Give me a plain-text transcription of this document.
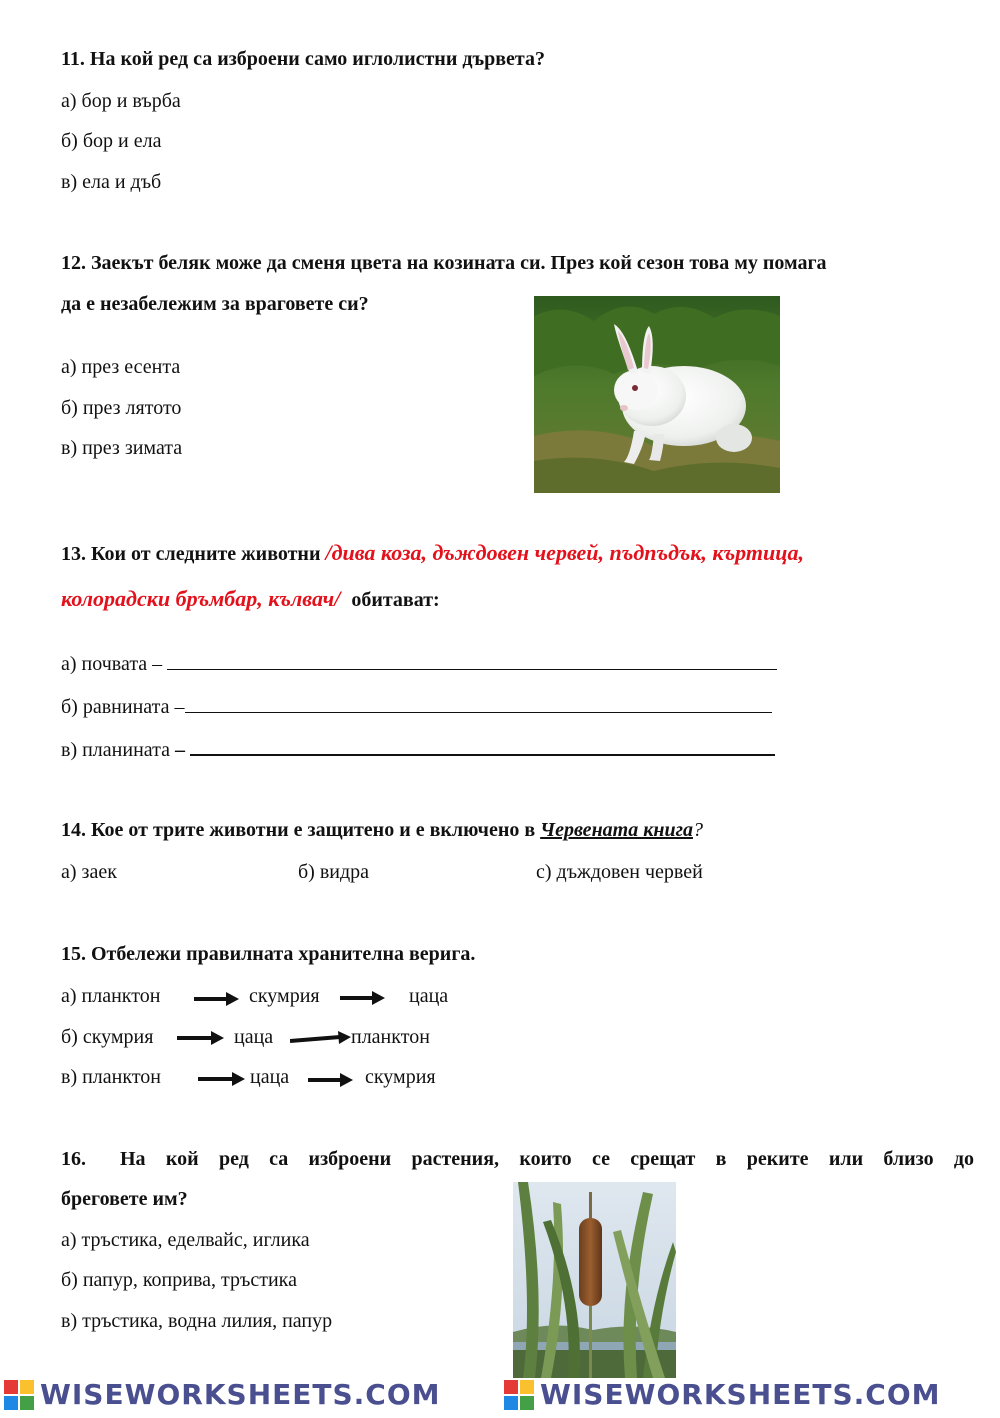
11. На кой ред са изброени само иглолистни дървета?
а) бор и върба
б) бор и ела
в) ела и дъб
12. Заекът беляк може да сменя цвета на козината си. През кой сезон това му помага
да е незабележим за враговете си?
а) през есента
б) през лятото
в) през зимата
13. Кои от следните животни /дива коза, дъждовен червей, пъдпъдък, къртица,
колорадски бръмбар, кълвач/ обитават:
а) почвата –
б) равнината –
в) планината –
14. Кое от трите животни е защитено и е включено в Червената книга?
а) заек	б) видра	с) дъждовен червей
15. Отбележи правилната хранителна верига.
а) планктон	скумрия	цаца
б) скумрия	цаца	планктон
в) планктон	цаца	скумрия
16. На кой ред са изброени растения, които се срещат в реките или близо до
бреговете им?
а) тръстика, еделвайс, иглика
б) папур, коприва, тръстика
в) тръстика, водна лилия, папур
WISEWORKSHEETS.COM	WISEWORKSHEETS.COM
